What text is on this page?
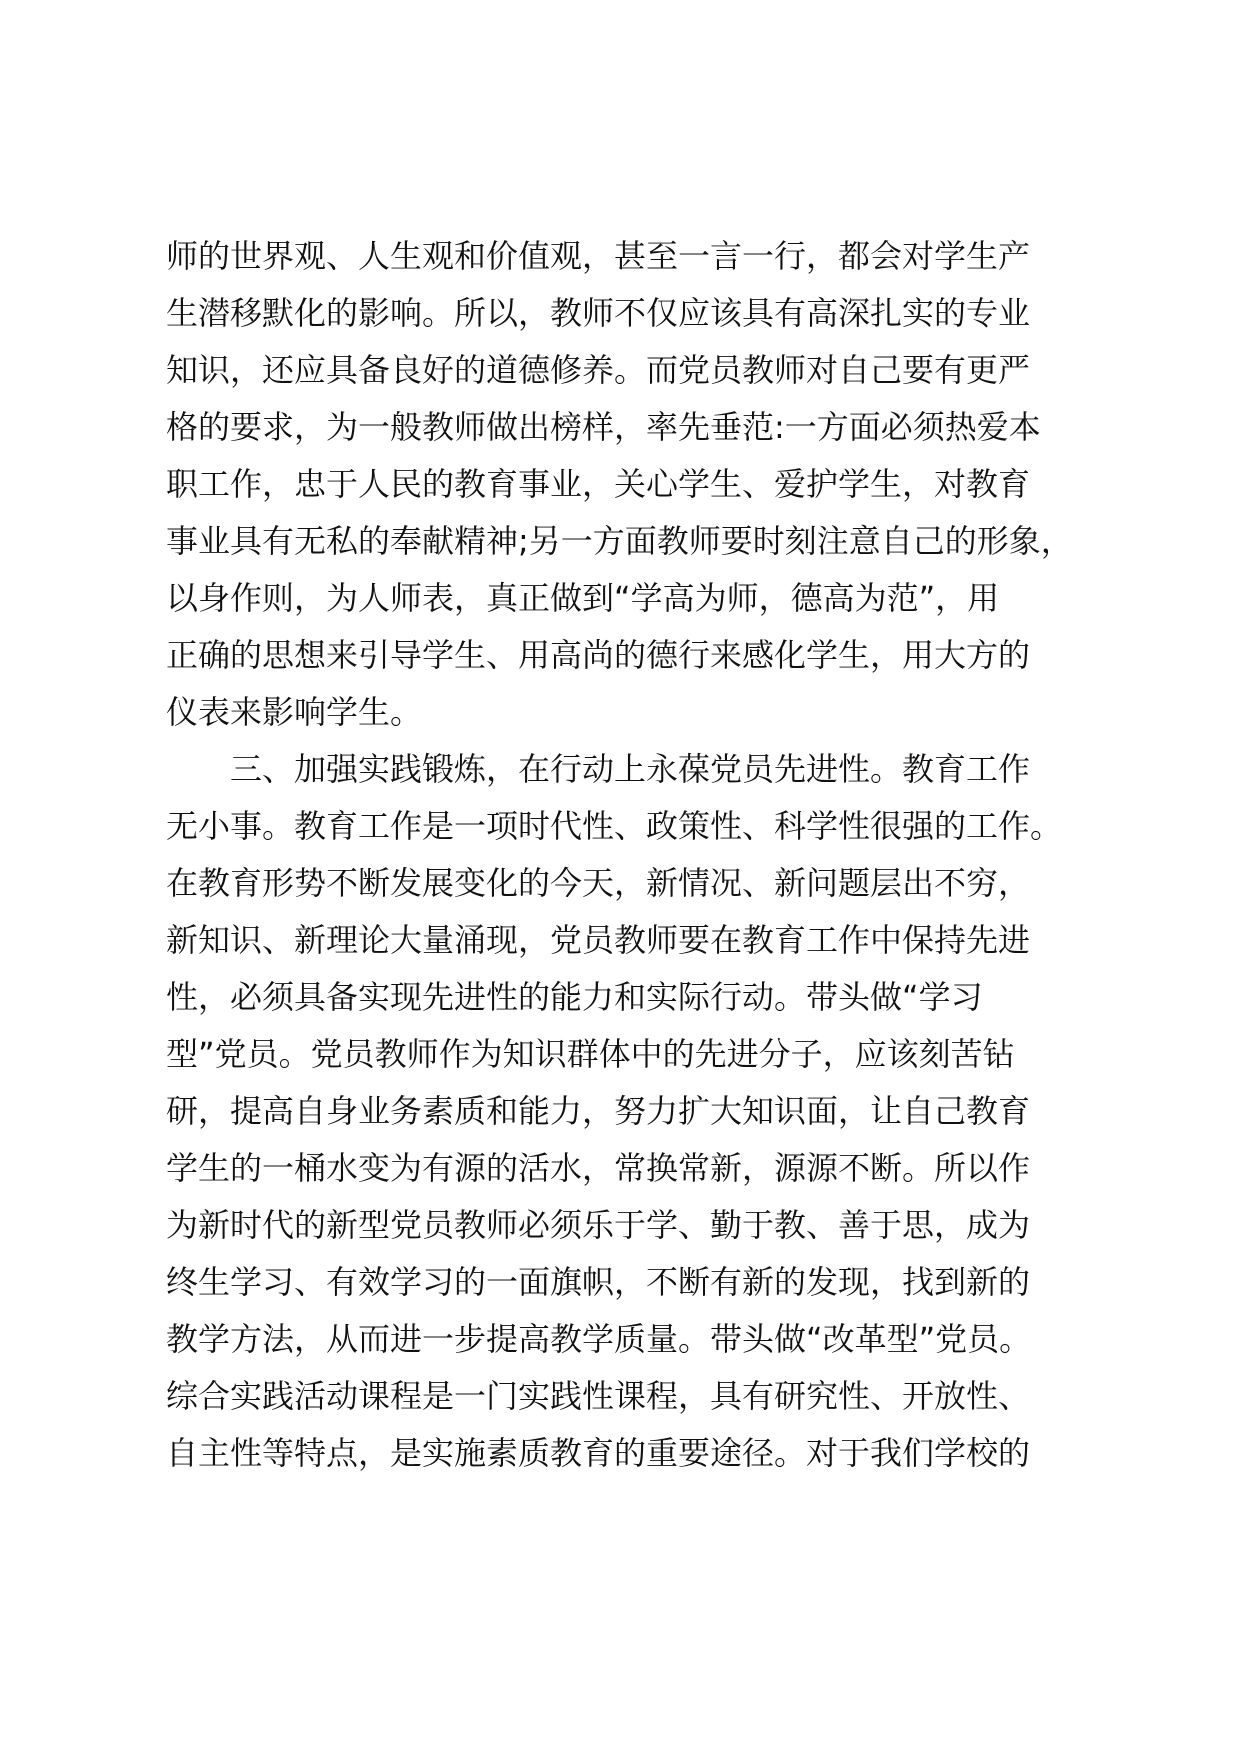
师的世界观、人生观和价值观，甚至一言一行，都会对学生产
生潜移默化的影响。所以，教师不仅应该具有高深扎实的专业
知识，还应具备良好的道德修养。而党员教师对自己要有更严
格的要求，为一般教师做出榜样，率先垂范:一方面必须热爱本
职工作，忠于人民的教育事业，关心学生、爱护学生，对教育
事业具有无私的奉献精神;另一方面教师要时刻注意自己的形象，
以身作则，为人师表，真正做到“学高为师，德高为范”，用
正确的思想来引导学生、用高尚的德行来感化学生，用大方的
仪表来影响学生。
　　三、加强实践锻炼，在行动上永葆党员先进性。教育工作
无小事。教育工作是一项时代性、政策性、科学性很强的工作。
在教育形势不断发展变化的今天，新情况、新问题层出不穷，
新知识、新理论大量涌现，党员教师要在教育工作中保持先进
性，必须具备实现先进性的能力和实际行动。带头做“学习
型”党员。党员教师作为知识群体中的先进分子，应该刻苦钻
研，提高自身业务素质和能力，努力扩大知识面，让自己教育
学生的一桶水变为有源的活水，常换常新，源源不断。所以作
为新时代的新型党员教师必须乐于学、勤于教、善于思，成为
终生学习、有效学习的一面旗帜，不断有新的发现，找到新的
教学方法，从而进一步提高教学质量。带头做“改革型”党员。
综合实践活动课程是一门实践性课程，具有研究性、开放性、
自主性等特点，是实施素质教育的重要途径。对于我们学校的
